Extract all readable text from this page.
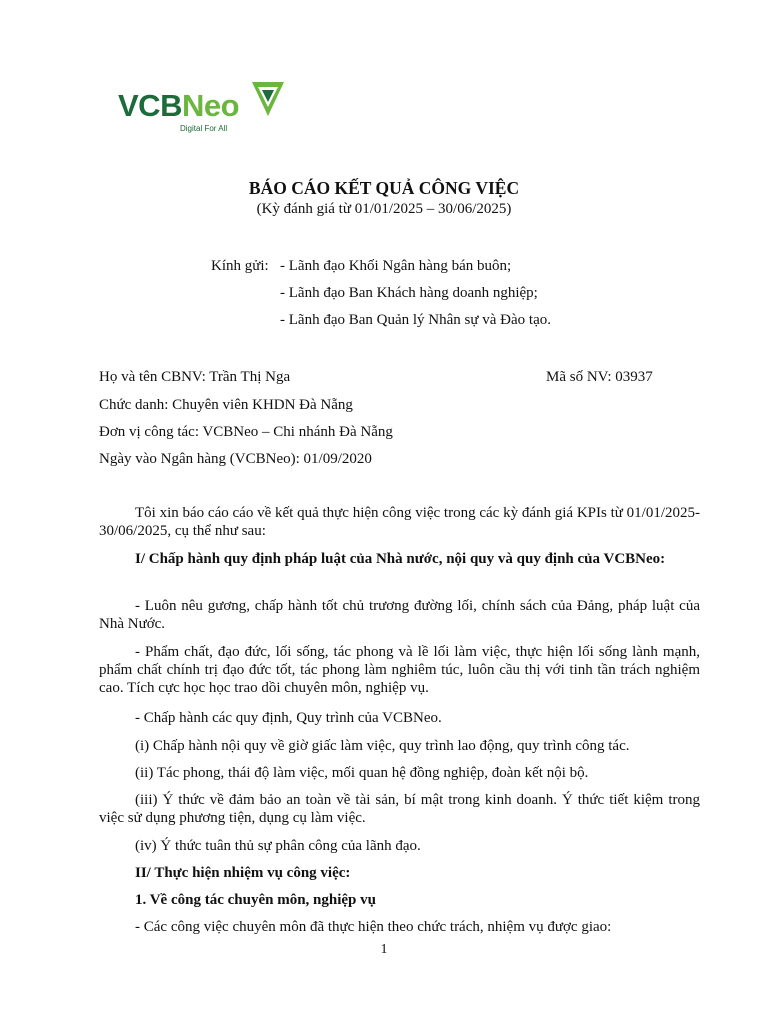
VCBNeo
Digital For All
BÁO CÁO KẾT QUẢ CÔNG VIỆC
(Kỳ đánh giá từ 01/01/2025 – 30/06/2025)
Kính gửi: - Lãnh đạo Khối Ngân hàng bán buôn;
- Lãnh đạo Ban Khách hàng doanh nghiệp;
- Lãnh đạo Ban Quản lý Nhân sự và Đào tạo.
Họ và tên CBNV: Trần Thị Nga	Mã số NV: 03937
Chức danh: Chuyên viên KHDN Đà Nẵng
Đơn vị công tác: VCBNeo – Chi nhánh Đà Nẵng
Ngày vào Ngân hàng (VCBNeo): 01/09/2020
Tôi xin báo cáo cáo về kết quả thực hiện công việc trong các kỳ đánh giá KPIs từ 01/01/2025-30/06/2025, cụ thể như sau:
I/ Chấp hành quy định pháp luật của Nhà nước, nội quy và quy định của VCBNeo:
- Luôn nêu gương, chấp hành tốt chủ trương đường lối, chính sách của Đảng, pháp luật của Nhà Nước.
- Phẩm chất, đạo đức, lối sống, tác phong và lề lối làm việc, thực hiện lối sống lành mạnh, phẩm chất chính trị đạo đức tốt, tác phong làm nghiêm túc, luôn cầu thị với tinh tần trách nghiệm cao. Tích cực học học trao dồi chuyên môn, nghiệp vụ.
- Chấp hành các quy định, Quy trình của VCBNeo.
(i) Chấp hành nội quy về giờ giấc làm việc, quy trình lao động, quy trình công tác.
(ii) Tác phong, thái độ làm việc, mối quan hệ đồng nghiệp, đoàn kết nội bộ.
(iii) Ý thức về đảm bảo an toàn về tài sản, bí mật trong kinh doanh. Ý thức tiết kiệm trong việc sử dụng phương tiện, dụng cụ làm việc.
(iv) Ý thức tuân thủ sự phân công của lãnh đạo.
II/ Thực hiện nhiệm vụ công việc:
1. Về công tác chuyên môn, nghiệp vụ
- Các công việc chuyên môn đã thực hiện theo chức trách, nhiệm vụ được giao:
1
